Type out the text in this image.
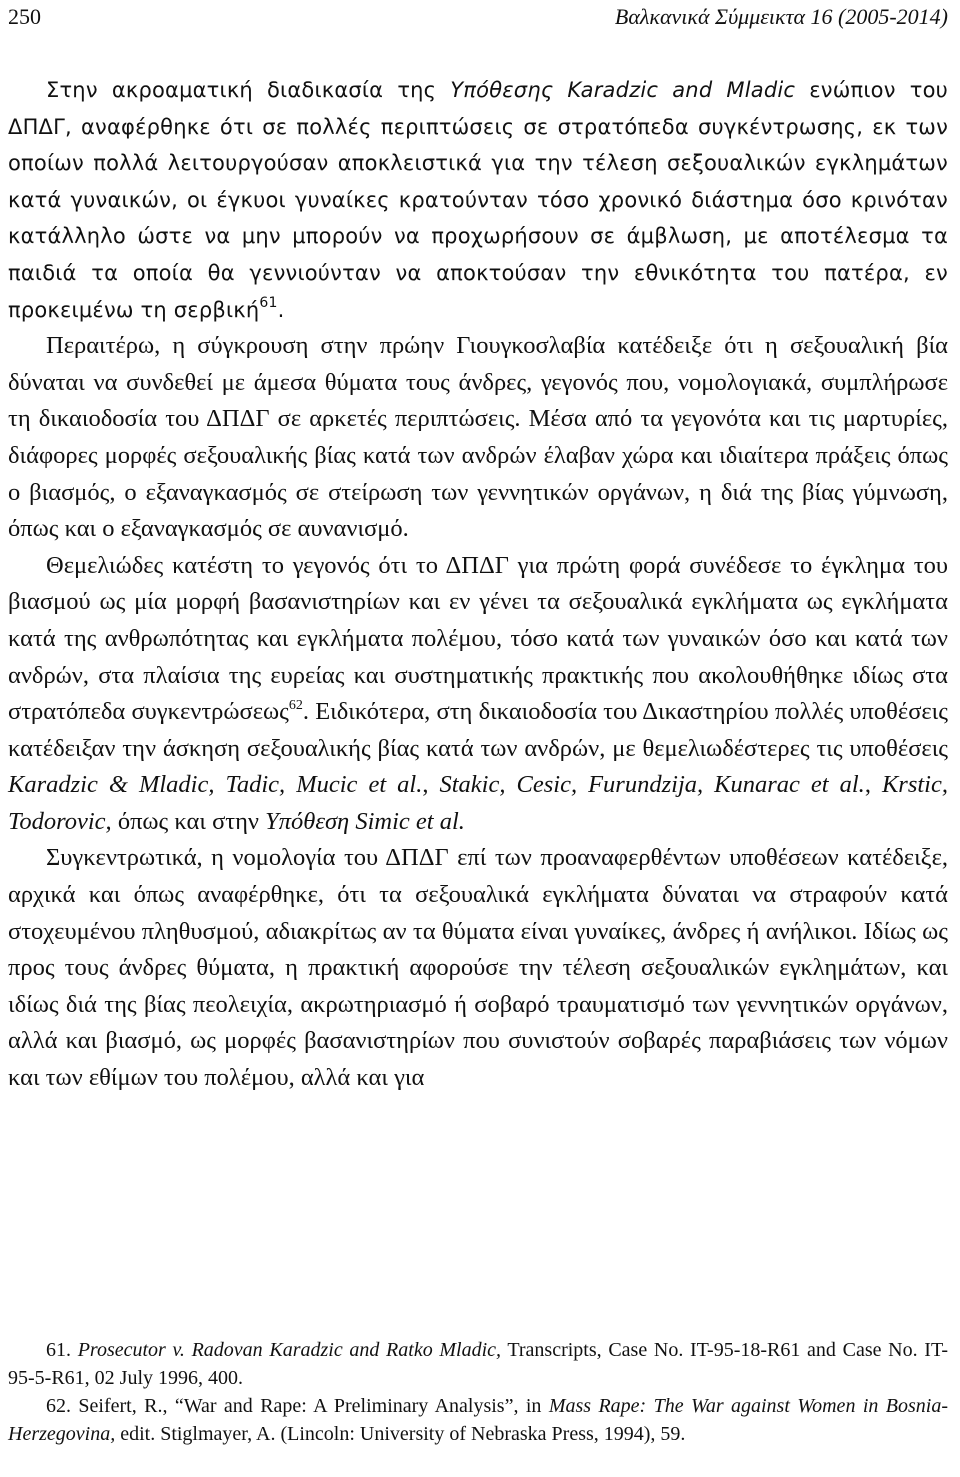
250	Βαλκανικά Σύμμεικτα 16 (2005-2014)

Στην ακροαματική διαδικασία της Υπόθεσης Karadzic and Mladic ενώπιον του ΔΠΔΓ, αναφέρθηκε ότι σε πολλές περιπτώσεις σε στρατόπεδα συγκέντρωσης, εκ των οποίων πολλά λειτουργούσαν αποκλειστικά για την τέλεση σεξουαλικών εγκλημάτων κατά γυναικών, οι έγκυοι γυναίκες κρατούνταν τόσο χρονικό διάστημα όσο κρινόταν κατάλληλο ώστε να μην μπορούν να προχωρήσουν σε άμβλωση, με αποτέλεσμα τα παιδιά τα οποία θα γεννιούνταν να αποκτούσαν την εθνικότητα του πατέρα, εν προκειμένω τη σερβική$^{61}$.

Περαιτέρω, η σύγκρουση στην πρώην Γιουγκοσλαβία κατέδειξε ότι η σεξουαλική βία δύναται να συνδεθεί με άμεσα θύματα τους άνδρες, γεγονός που, νομολογιακά, συμπλήρωσε τη δικαιοδοσία του ΔΠΔΓ σε αρκετές περιπτώσεις. Μέσα από τα γεγονότα και τις μαρτυρίες, διάφορες μορφές σεξουαλικής βίας κατά των ανδρών έλαβαν χώρα και ιδιαίτερα πράξεις όπως ο βιασμός, ο εξαναγκασμός σε στείρωση των γεννητικών οργάνων, η διά της βίας γύμνωση, όπως και ο εξαναγκασμός σε αυνανισμό.

Θεμελιώδες κατέστη το γεγονός ότι το ΔΠΔΓ για πρώτη φορά συνέδεσε το έγκλημα του βιασμού ως μία μορφή βασανιστηρίων και εν γένει τα σεξουαλικά εγκλήματα ως εγκλήματα κατά της ανθρωπότητας και εγκλήματα πολέμου, τόσο κατά των γυναικών όσο και κατά των ανδρών, στα πλαίσια της ευρείας και συστηματικής πρακτικής που ακολουθήθηκε ιδίως στα στρατόπεδα συγκεντρώσεως$^{62}$. Ειδικότερα, στη δικαιοδοσία του Δικαστηρίου πολλές υποθέσεις κατέδειξαν την άσκηση σεξουαλικής βίας κατά των ανδρών, με θεμελιωδέστερες τις υποθέσεις Karadzic & Mladic, Tadic, Mucic et al., Stakic, Cesic, Furundzija, Kunarac et al., Krstic, Todorovic, όπως και στην Υπόθεση Simic et al.

Συγκεντρωτικά, η νομολογία του ΔΠΔΓ επί των προαναφερθέντων υποθέσεων κατέδειξε, αρχικά και όπως αναφέρθηκε, ότι τα σεξουαλικά εγκλήματα δύναται να στραφούν κατά στοχευμένου πληθυσμού, αδιακρίτως αν τα θύματα είναι γυναίκες, άνδρες ή ανήλικοι. Ιδίως ως προς τους άνδρες θύματα, η πρακτική αφορούσε την τέλεση σεξουαλικών εγκλημάτων, και ιδίως διά της βίας πεολειχία, ακρωτηριασμό ή σοβαρό τραυματισμό των γεννητικών οργάνων, αλλά και βιασμό, ως μορφές βασανιστηρίων που συνιστούν σοβαρές παραβιάσεις των νόμων και των εθίμων του πολέμου, αλλά και για

61. Prosecutor v. Radovan Karadzic and Ratko Mladic, Transcripts, Case No. IT-95-18-R61 and Case No. IT-95-5-R61, 02 July 1996, 400.

62. Seifert, R., “War and Rape: A Preliminary Analysis”, in Mass Rape: The War against Women in Bosnia-Herzegovina, edit. Stiglmayer, A. (Lincoln: University of Nebraska Press, 1994), 59.
